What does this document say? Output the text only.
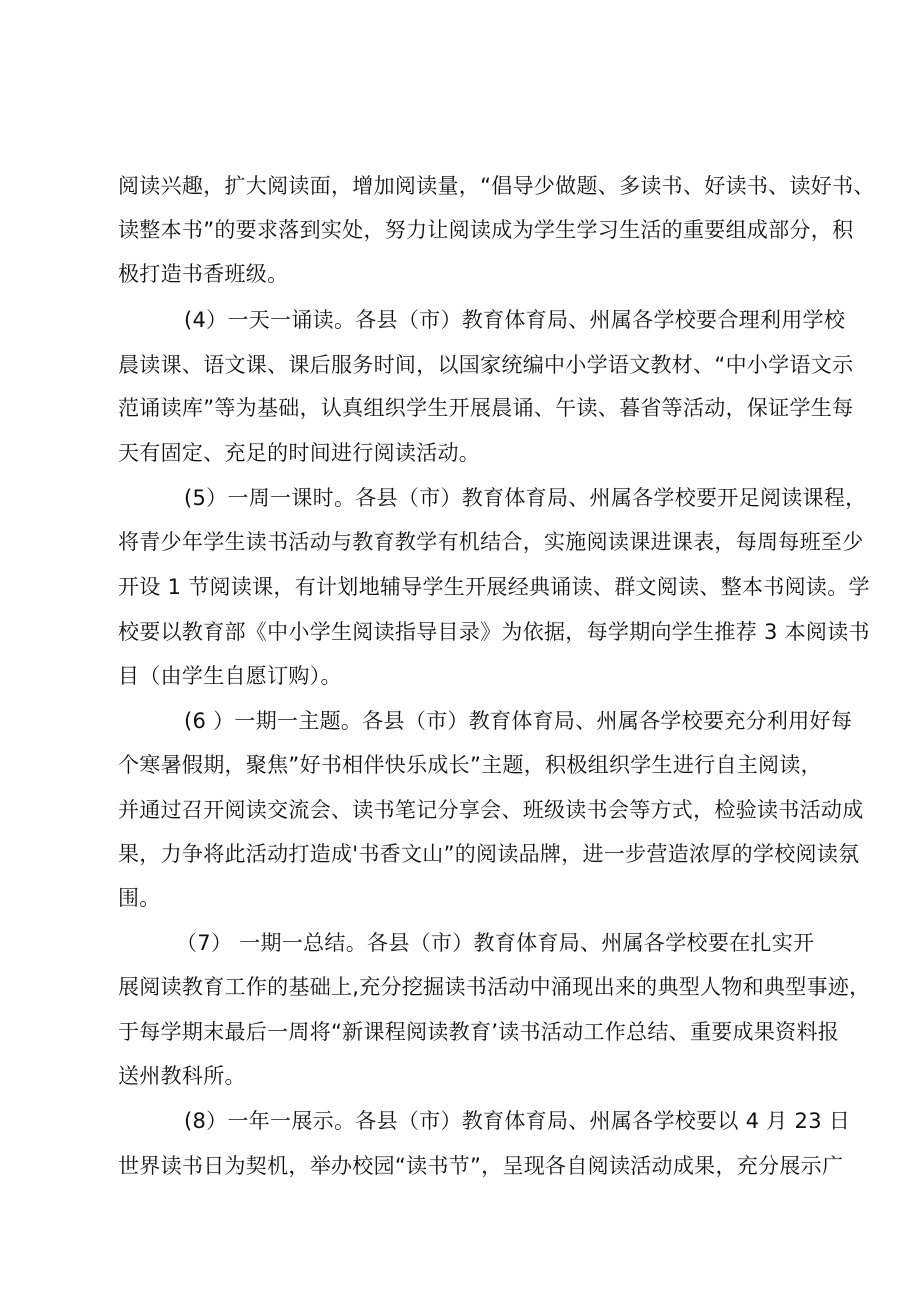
阅读兴趣，扩大阅读面，增加阅读量，“倡导少做题、多读书、好读书、读好书、
读整本书”的要求落到实处，努力让阅读成为学生学习生活的重要组成部分，积
极打造书香班级。
(4）一天一诵读。各县（市）教育体育局、州属各学校要合理利用学校
晨读课、语文课、课后服务时间，以国家统编中小学语文教材、“中小学语文示
范诵读库”等为基础，认真组织学生开展晨诵、午读、暮省等活动，保证学生每
天有固定、充足的时间进行阅读活动。
(5）一周一课时。各县（市）教育体育局、州属各学校要开足阅读课程，
将青少年学生读书活动与教育教学有机结合，实施阅读课进课表，每周每班至少
开设 1 节阅读课，有计划地辅导学生开展经典诵读、群文阅读、整本书阅读。学
校要以教育部《中小学生阅读指导目录》为依据，每学期向学生推荐 3 本阅读书
目（由学生自愿订购）。
(6 ）一期一主题。各县（市）教育体育局、州属各学校要充分利用好每
个寒暑假期，聚焦”好书相伴快乐成长”主题，积极组织学生进行自主阅读，
并通过召开阅读交流会、读书笔记分享会、班级读书会等方式，检验读书活动成
果，力争将此活动打造成'书香文山”的阅读品牌，进一步营造浓厚的学校阅读氛
围。
（7） 一期一总结。各县（市）教育体育局、州属各学校要在扎实开
展阅读教育工作的基础上,充分挖掘读书活动中涌现出来的典型人物和典型事迹，
于每学期末最后一周将“新课程阅读教育’读书活动工作总结、重要成果资料报
送州教科所。
(8）一年一展示。各县（市）教育体育局、州属各学校要以 4 月 23 日
世界读书日为契机，举办校园“读书节”，呈现各自阅读活动成果，充分展示广
